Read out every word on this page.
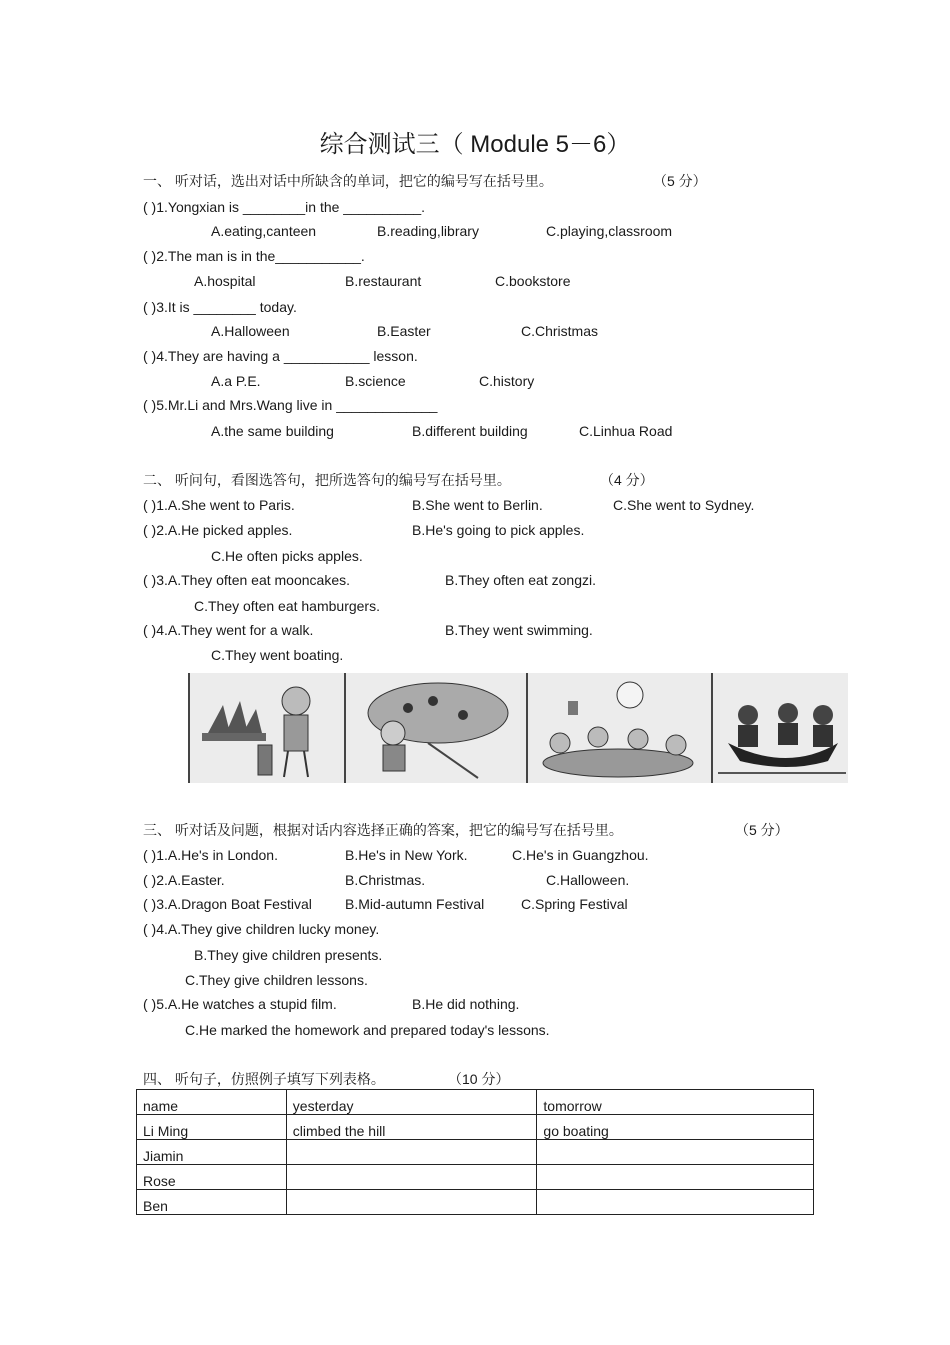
综合测试三（ Module 5－6）
一、 听对话，选出对话中所缺含的单词，把它的编号写在括号里。	（5 分）
( )1.Yongxian is ________in the __________.
A.eating,canteen	B.reading,library	C.playing,classroom
( )2.The man is in the___________.
A.hospital	B.restaurant	C.bookstore
( )3.It is ________ today.
A.Halloween	B.Easter	C.Christmas
( )4.They are having a ___________ lesson.
A.a P.E.	B.science	C.history
( )5.Mr.Li and Mrs.Wang live in _____________
A.the same building	B.different building	C.Linhua Road
二、 听问句，看图选答句，把所选答句的编号写在括号里。	（4 分）
( )1.A.She went to Paris.	B.She went to Berlin.	C.She went to Sydney.
( )2.A.He picked apples.	B.He's going to pick apples.
C.He often picks apples.
( )3.A.They often eat mooncakes.	B.They often eat zongzi.
C.They often eat hamburgers.
( )4.A.They went for a walk.	B.They went swimming.
C.They went boating.
三、 听对话及问题，根据对话内容选择正确的答案，把它的编号写在括号里。	（5 分）
( )1.A.He's in London.	B.He's in New York.	C.He's in Guangzhou.
( )2.A.Easter.	B.Christmas.	C.Halloween.
( )3.A.Dragon Boat Festival B.Mid-autumn Festival	C.Spring Festival
( )4.A.They give children lucky money.
B.They give children presents.
C.They give children lessons.
( )5.A.He watches a stupid film.	B.He did nothing.
C.He marked the homework and prepared today's lessons.
四、 听句子，仿照例子填写下列表格。	（10 分）
name	yesterday	tomorrow
Li Ming	climbed the hill	go boating
Jiamin		
Rose		
Ben		
